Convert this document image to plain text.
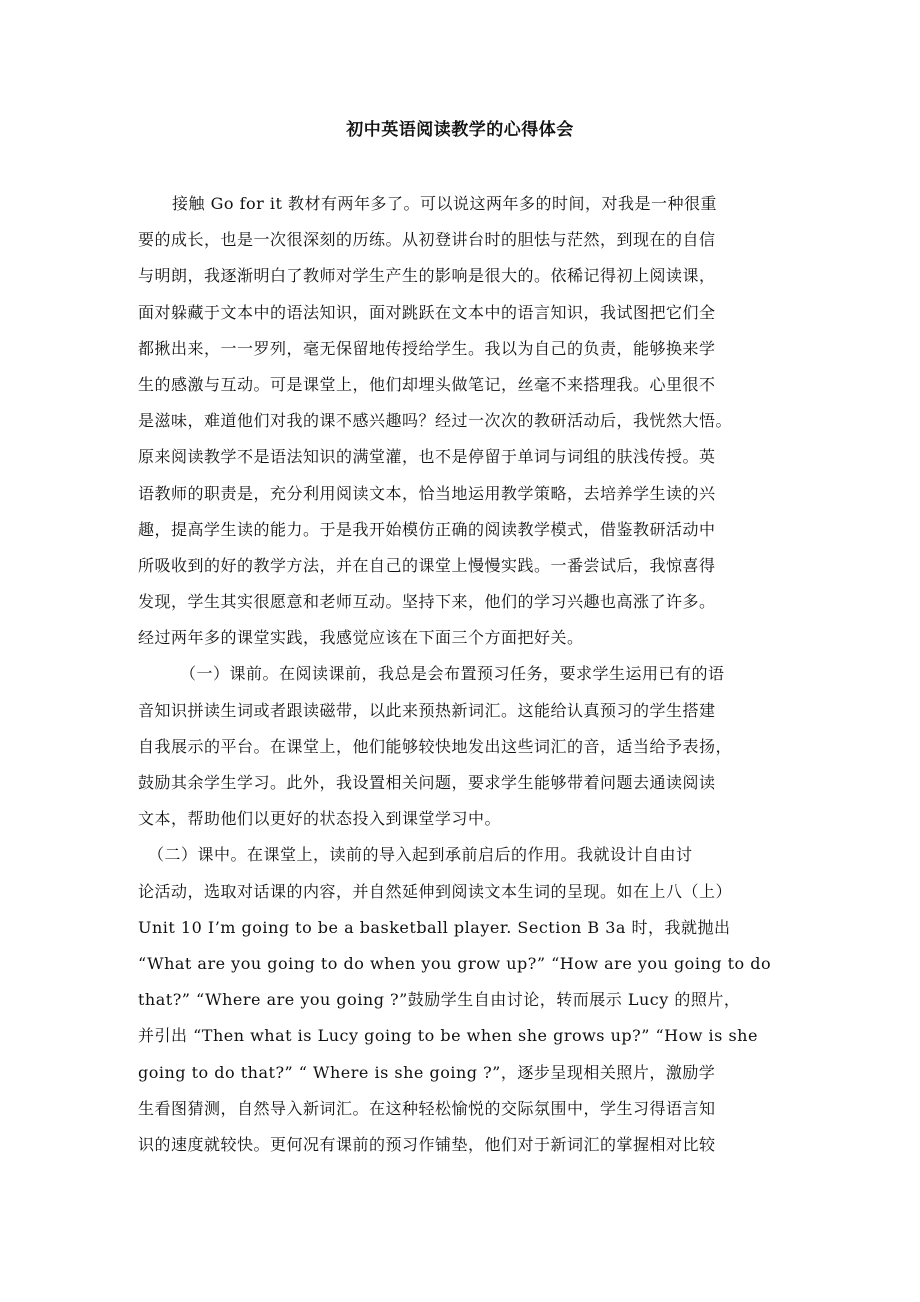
初中英语阅读教学的心得体会

接触 Go for it 教材有两年多了。可以说这两年多的时间，对我是一种很重

要的成长，也是一次很深刻的历练。从初登讲台时的胆怯与茫然，到现在的自信

与明朗，我逐渐明白了教师对学生产生的影响是很大的。依稀记得初上阅读课，

面对躲藏于文本中的语法知识，面对跳跃在文本中的语言知识，我试图把它们全

都揪出来，一一罗列，毫无保留地传授给学生。我以为自己的负责，能够换来学

生的感激与互动。可是课堂上，他们却埋头做笔记，丝毫不来搭理我。心里很不

是滋味，难道他们对我的课不感兴趣吗？经过一次次的教研活动后，我恍然大悟。

原来阅读教学不是语法知识的满堂灌，也不是停留于单词与词组的肤浅传授。英

语教师的职责是，充分利用阅读文本，恰当地运用教学策略，去培养学生读的兴

趣，提高学生读的能力。于是我开始模仿正确的阅读教学模式，借鉴教研活动中

所吸收到的好的教学方法，并在自己的课堂上慢慢实践。一番尝试后，我惊喜得

发现，学生其实很愿意和老师互动。坚持下来，他们的学习兴趣也高涨了许多。

经过两年多的课堂实践，我感觉应该在下面三个方面把好关。

（一）课前。在阅读课前，我总是会布置预习任务，要求学生运用已有的语

音知识拼读生词或者跟读磁带，以此来预热新词汇。这能给认真预习的学生搭建

自我展示的平台。在课堂上，他们能够较快地发出这些词汇的音，适当给予表扬，

鼓励其余学生学习。此外，我设置相关问题，要求学生能够带着问题去通读阅读

文本，帮助他们以更好的状态投入到课堂学习中。

（二）课中。在课堂上，读前的导入起到承前启后的作用。我就设计自由讨

论活动，选取对话课的内容，并自然延伸到阅读文本生词的呈现。如在上八（上）

Unit 10 I’m going to be a basketball player. Section B 3a 时，我就抛出

“What are you going to do when you grow up?” “How are you going to do

that?” “Where are you going ?”鼓励学生自由讨论，转而展示 Lucy 的照片，

并引出 “Then what is Lucy going to be when she grows up?” “How is she

going to do that?” “ Where is she going ?”，逐步呈现相关照片，激励学

生看图猜测，自然导入新词汇。在这种轻松愉悦的交际氛围中，学生习得语言知

识的速度就较快。更何况有课前的预习作铺垫，他们对于新词汇的掌握相对比较
